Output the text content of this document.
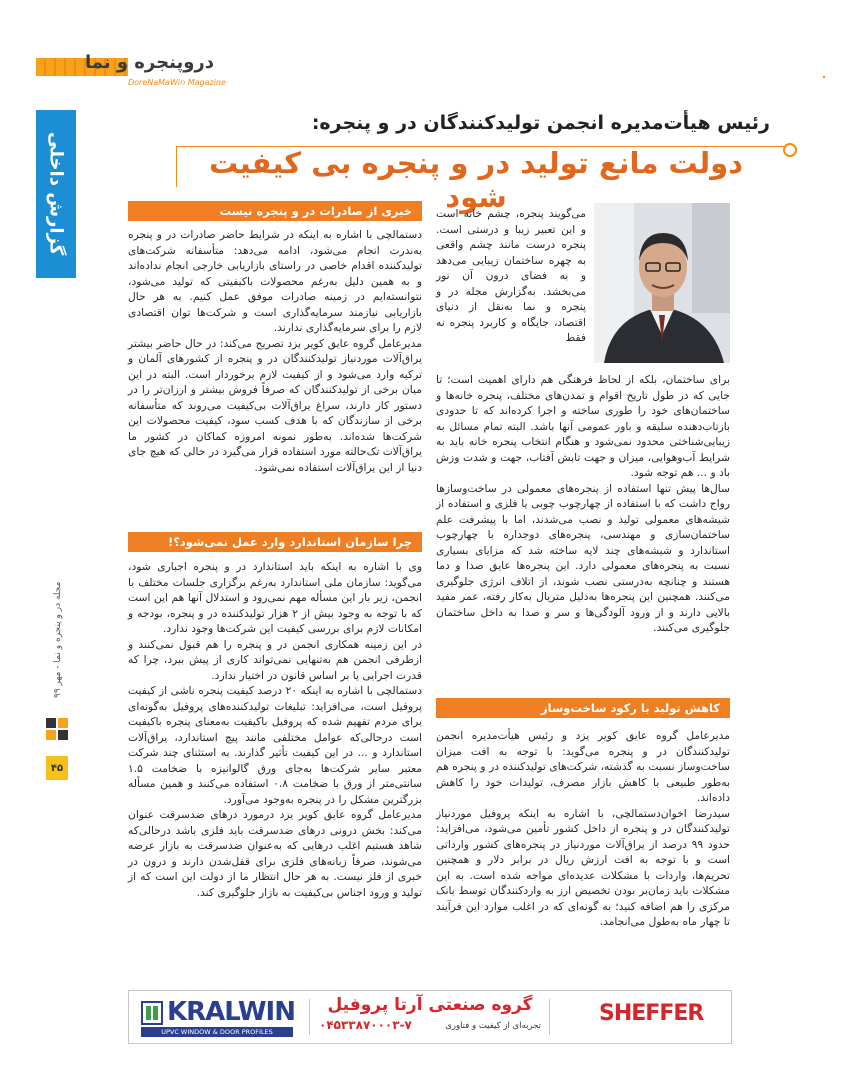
دروپنجره و نما
DoreNaMaWin Magazine
گزارش داخلی
مجله در و پنجره و نما - مهر ۹۹
۴۵
رئیس هیأت‌مدیره انجمن تولیدکنندگان در و پنجره:
دولت مانع تولید در و پنجره بی کیفیت شود
می‌گویند پنجره، چشم خانه است و این تعبیر زیبا و درستی است. پنجره درست مانند چشم واقعی به چهره ساختمان زیبایی می‌دهد و به فضای درون آن نور می‌بخشد. به‌گزارش مجله در و پنجره و نما به‌نقل از دنیای اقتصاد، جایگاه و کاربرد پنجره نه فقط

برای ساختمان، بلکه از لحاظ فرهنگی هم دارای اهمیت است؛ تا جایی که در طول تاریخ اقوام و تمدن‌های مختلف، پنجره خانه‌ها و ساختمان‌های خود را طوری ساخته و اجرا کرده‌اند که تا حدودی بازتاب‌دهنده سلیقه و باور عمومی آنها باشد. البته تمام مسائل به زیبایی‌شناختی محدود نمی‌شود و هنگام انتخاب پنجره خانه باید به شرایط آب‌وهوایی، میزان و جهت تابش آفتاب، جهت و شدت وزش باد و ... هم توجه شود.

سال‌ها پیش تنها استفاده از پنجره‌های معمولی در ساخت‌وسازها رواج داشت که با استفاده از چهارچوب چوبی یا فلزی و استفاده از شیشه‌های معمولی تولید و نصب می‌شدند، اما با پیشرفت علم ساختمان‌سازی و مهندسی، پنجره‌های دوجداره با چهارچوب استاندارد و شیشه‌های چند لایه ساخته شد که مزایای بسیاری نسبت به پنجره‌های معمولی دارد. این پنجره‌ها عایق صدا و دما هستند و چنانچه به‌درستی نصب شوند، از اتلاف انرژی جلوگیری می‌کنند. همچنین این پنجره‌ها به‌دلیل متریال به‌کار رفته، عمر مفید بالایی دارند و از ورود آلودگی‌ها و سر و صدا به داخل ساختمان جلوگیری می‌کنند.

کاهش تولید با رکود ساخت‌وساز

مدیرعامل گروه عایق کویر یزد و رئیس هیأت‌مدیره انجمن تولیدکنندگان در و پنجره می‌گوید: با توجه به افت میزان ساخت‌وساز نسبت به گذشته، شرکت‌های تولیدکننده در و پنجره هم به‌طور طبیعی با کاهش بازار مصرف، تولیدات خود را کاهش داده‌اند.

سیدرضا اخوان‌دستمالچی، با اشاره به اینکه پروفیل موردنیاز تولیدکنندگان در و پنجره از داخل کشور تأمین می‌شود، می‌افزاید: حدود ۹۹ درصد از یراق‌آلات موردنیاز در پنجره‌های کشور وارداتی است و با توجه به افت ارزش ریال در برابر دلار و همچنین تحریم‌ها، واردات با مشکلات عدیده‌ای مواجه شده است. به این مشکلات باید زمان‌بر بودن تخصیص ارز به واردکنندگان توسط بانک مرکزی را هم اضافه کنید؛ به گونه‌ای که در اغلب موارد این فرآیند تا چهار ماه به‌طول می‌انجامد.

خبری از صادرات در و پنجره نیست

دستمالچی با اشاره به اینکه در شرایط حاضر صادرات در و پنجره به‌ندرت انجام می‌شود، ادامه می‌دهد: متأسفانه شرکت‌های تولیدکننده اقدام خاصی در راستای بازاریابی خارجی انجام نداده‌اند و به همین دلیل به‌رغم محصولات باکیفیتی که تولید می‌شود، نتوانسته‌ایم در زمینه صادرات موفق عمل کنیم. به هر حال بازاریابی نیازمند سرمایه‌گذاری است و شرکت‌ها توان اقتصادی لازم را برای سرمایه‌گذاری ندارند.

مدیرعامل گروه عایق کویر یزد تصریح می‌کند: در حال حاضر بیشتر یراق‌آلات موردنیاز تولیدکنندگان در و پنجره از کشورهای آلمان و ترکیه وارد می‌شود و از کیفیت لازم برخوردار است. البته در این میان برخی از تولیدکنندگان که صرفاً فروش بیشتر و ارزان‌تر را در دستور کار دارند، سراغ یراق‌آلات بی‌کیفیت می‌روند که متأسفانه برخی از سازندگان که با هدف کسب سود، کیفیت محصولات این شرکت‌ها شده‌اند. به‌طور نمونه امروزه کماکان در کشور ما یراق‌آلات تک‌حالته مورد استفاده قرار می‌گیرد در حالی که هیچ جای دنیا از این یراق‌آلات استفاده نمی‌شود.

چرا سازمان استاندارد وارد عمل نمی‌شود؟!

وی با اشاره به اینکه باید استاندارد در و پنجره اجباری شود، می‌گوید: سازمان ملی استاندارد به‌رغم برگزاری جلسات مختلف با انجمن، زیر بار این مسأله مهم نمی‌رود و استدلال آنها هم این است که با توجه به وجود بیش از ۲ هزار تولیدکننده در و پنجره، بودجه و امکانات لازم برای بررسی کیفیت این شرکت‌ها وجود ندارد.

در این زمینه همکاری انجمن در و پنجره را هم قبول نمی‌کنند و ازطرفی انجمن هم به‌تنهایی نمی‌تواند کاری از پیش ببرد، چرا که قدرت اجرایی یا بر اساس قانون در اختیار ندارد.

دستمالچی با اشاره به اینکه ۲۰ درصد کیفیت پنجره ناشی از کیفیت پروفیل است، می‌افزاید: تبلیغات تولیدکننده‌های پروفیل به‌گونه‌ای برای مردم تفهیم شده که پروفیل باکیفیت به‌معنای پنجره باکیفیت است درحالی‌که عوامل مختلفی مانند پیچ استاندارد، یراق‌آلات استاندارد و ... در این کیفیت تأثیر گذارند. به استثنای چند شرکت معتبر سایر شرکت‌ها به‌جای ورق گالوانیزه با ضخامت ۱.۵ سانتی‌متر از ورق با ضخامت ۰.۸ استفاده می‌کنند و همین مسأله بزرگترین مشکل را در پنجره به‌وجود می‌آورد.

مدیرعامل گروه عایق کویر یزد درمورد درهای ضدسرقت عنوان می‌کند: بخش درونی درهای ضدسرقت باید فلزی باشد درحالی‌که شاهد هستیم اغلب درهایی که به‌عنوان ضدسرقت به بازار عرضه می‌شوند، صرفاً زبانه‌های فلزی برای قفل‌شدن دارند و درون در خبری از فلز نیست. به هر حال انتظار ما از دولت این است که از تولید و ورود اجناس بی‌کیفیت به بازار جلوگیری کند.

KRALWIN
UPVC WINDOW & DOOR PROFILES
گروه صنعتی آرتا پروفیل
۰۴۵۳۳۸۷۰۰۰۳-۷	تجربه‌ای از کیفیت و فناوری	SHEFFER
